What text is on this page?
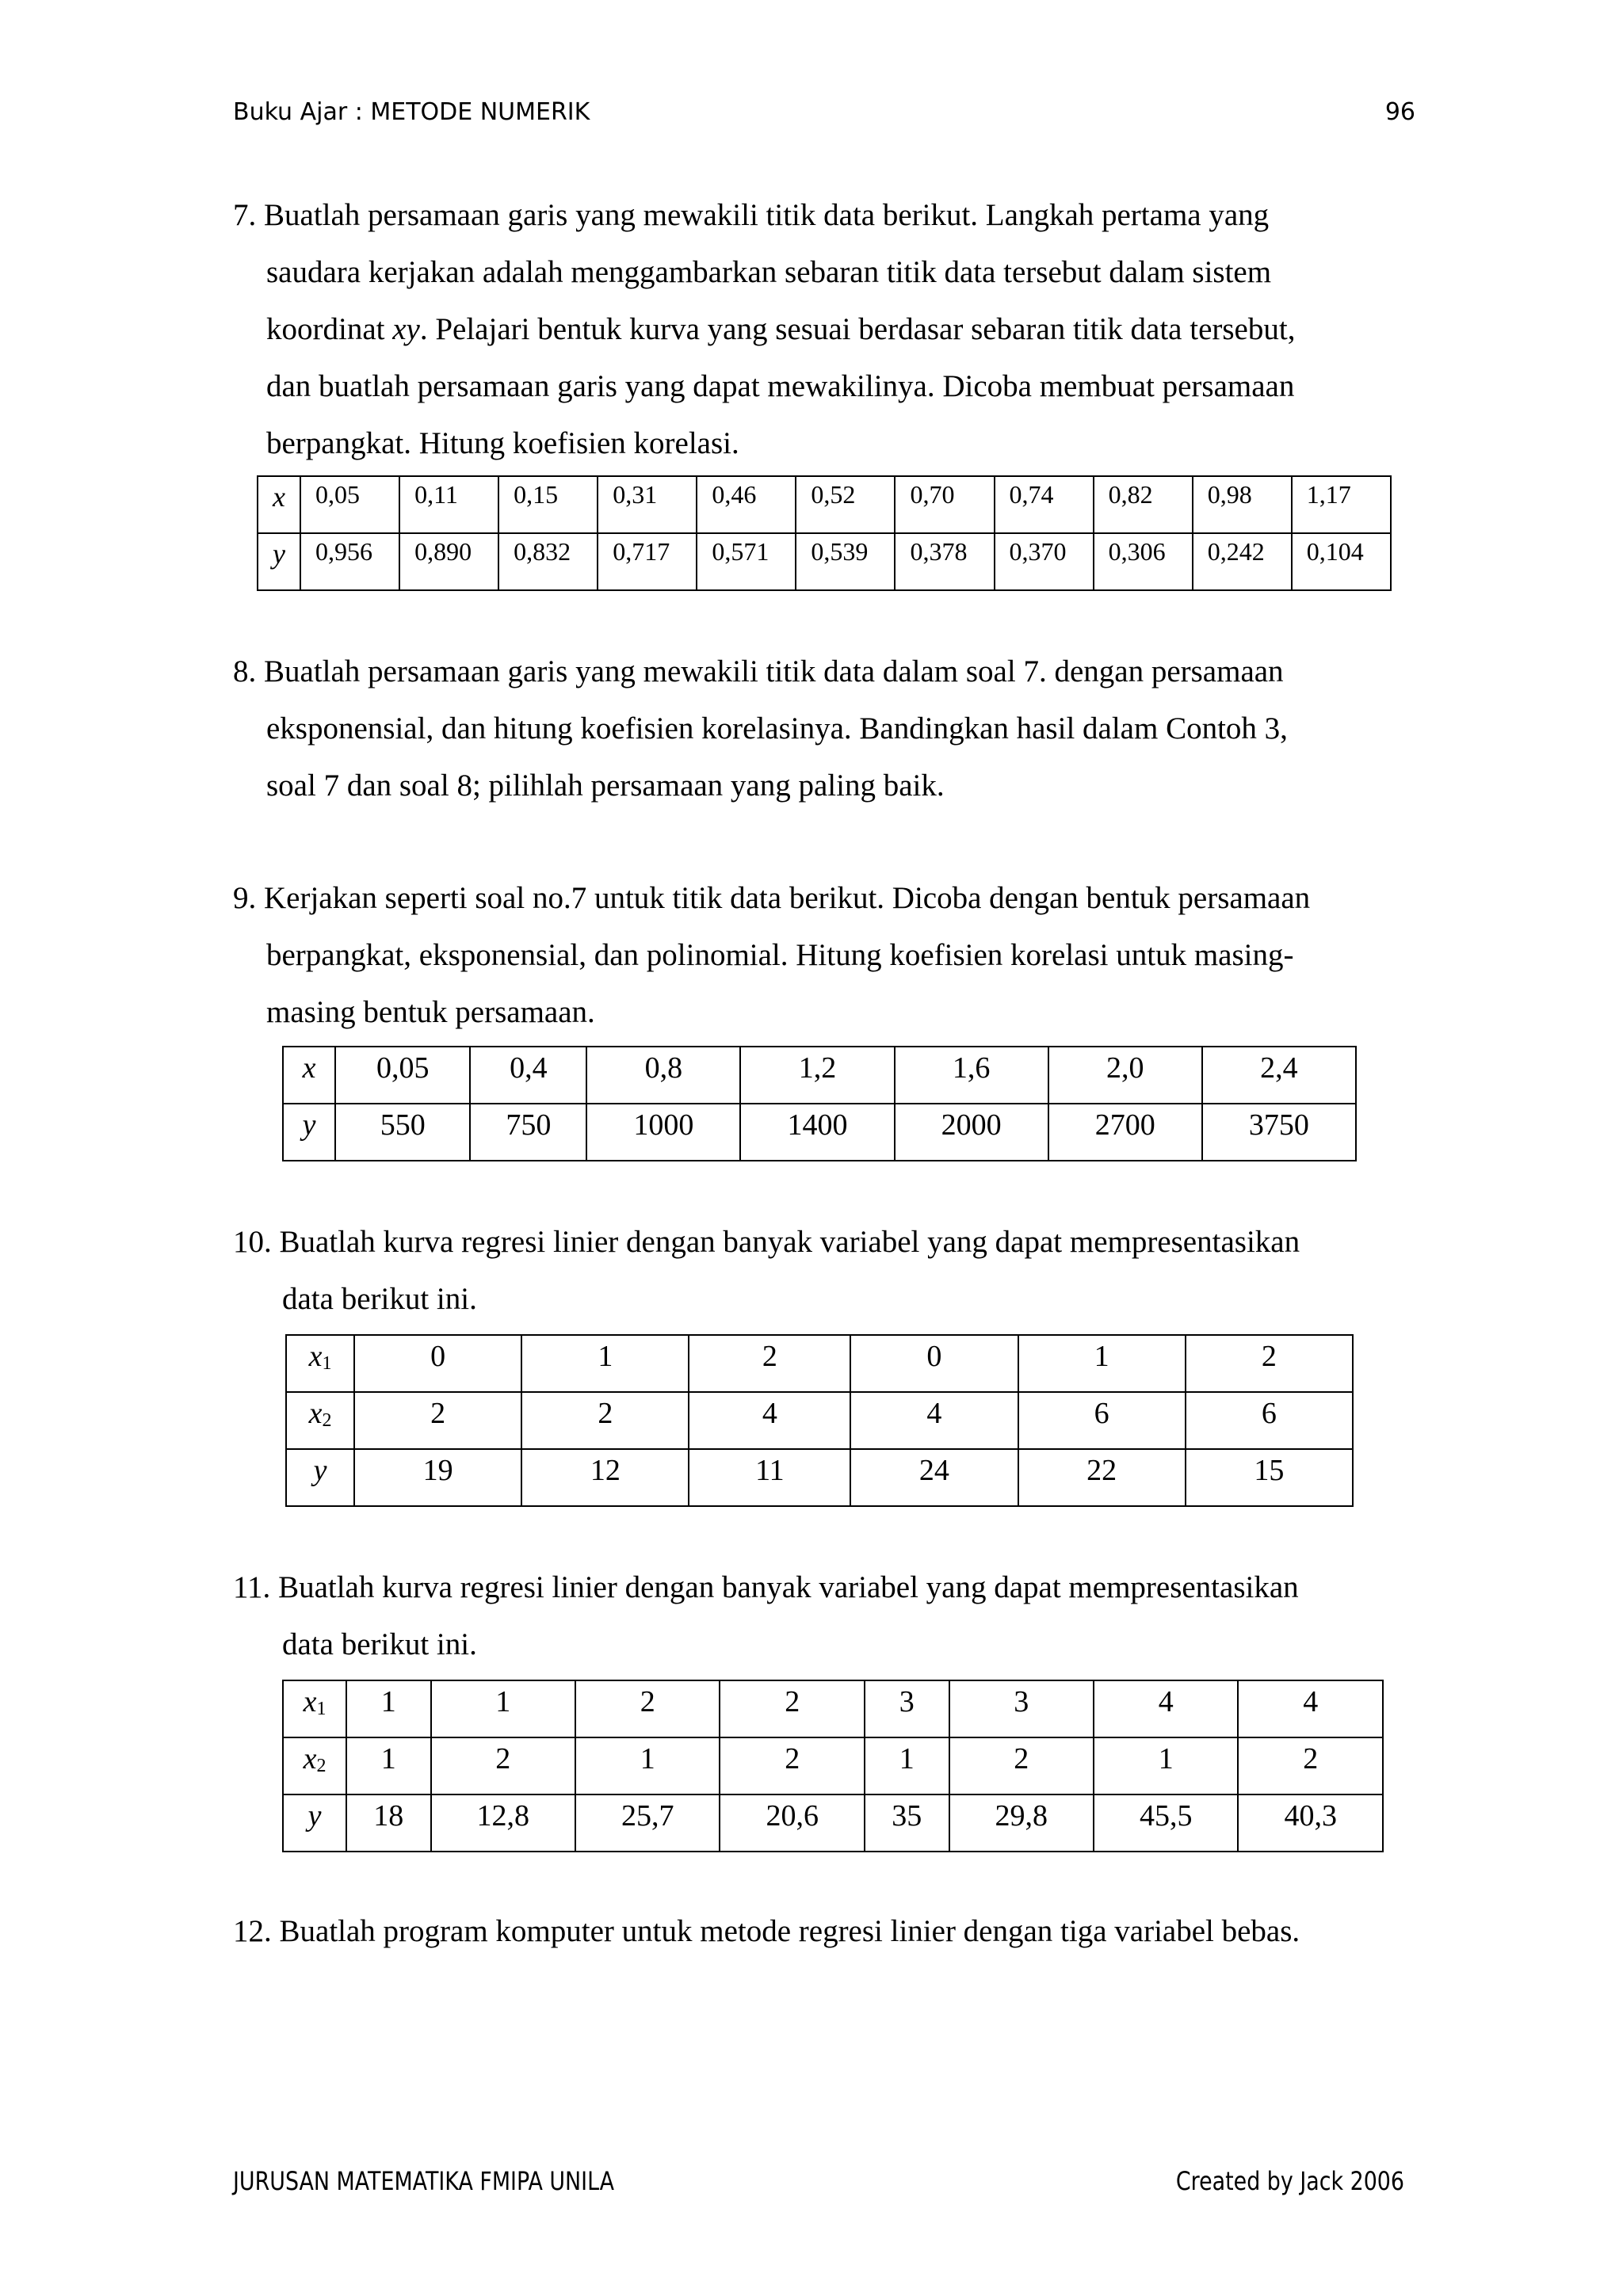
Buku Ajar : METODE NUMERIK	96
7. Buatlah persamaan garis yang mewakili titik data berikut. Langkah pertama yang
saudara kerjakan adalah menggambarkan sebaran titik data tersebut dalam sistem
koordinat xy. Pelajari bentuk kurva yang sesuai berdasar sebaran titik data tersebut,
dan buatlah persamaan garis yang dapat mewakilinya. Dicoba membuat persamaan
berpangkat. Hitung koefisien korelasi.
x	0,05	0,11	0,15	0,31	0,46	0,52	0,70	0,74	0,82	0,98	1,17
y	0,956	0,890	0,832	0,717	0,571	0,539	0,378	0,370	0,306	0,242	0,104
8. Buatlah persamaan garis yang mewakili titik data dalam soal 7. dengan persamaan
eksponensial, dan hitung koefisien korelasinya. Bandingkan hasil dalam Contoh 3,
soal 7 dan soal 8; pilihlah persamaan yang paling baik.
9. Kerjakan seperti soal no.7 untuk titik data berikut. Dicoba dengan bentuk persamaan
berpangkat, eksponensial, dan polinomial. Hitung koefisien korelasi untuk masing-
masing bentuk persamaan.
x	0,05	0,4	0,8	1,2	1,6	2,0	2,4
y	550	750	1000	1400	2000	2700	3750
10. Buatlah kurva regresi linier dengan banyak variabel yang dapat mempresentasikan
data berikut ini.
$x_1$	0	1	2	0	1	2
$x_2$	2	2	4	4	6	6
y	19	12	11	24	22	15
11. Buatlah kurva regresi linier dengan banyak variabel yang dapat mempresentasikan
data berikut ini.
$x_1$	1	1	2	2	3	3	4	4
$x_2$	1	2	1	2	1	2	1	2
y	18	12,8	25,7	20,6	35	29,8	45,5	40,3
12. Buatlah program komputer untuk metode regresi linier dengan tiga variabel bebas.
JURUSAN MATEMATIKA FMIPA UNILA	Created by Jack 2006
